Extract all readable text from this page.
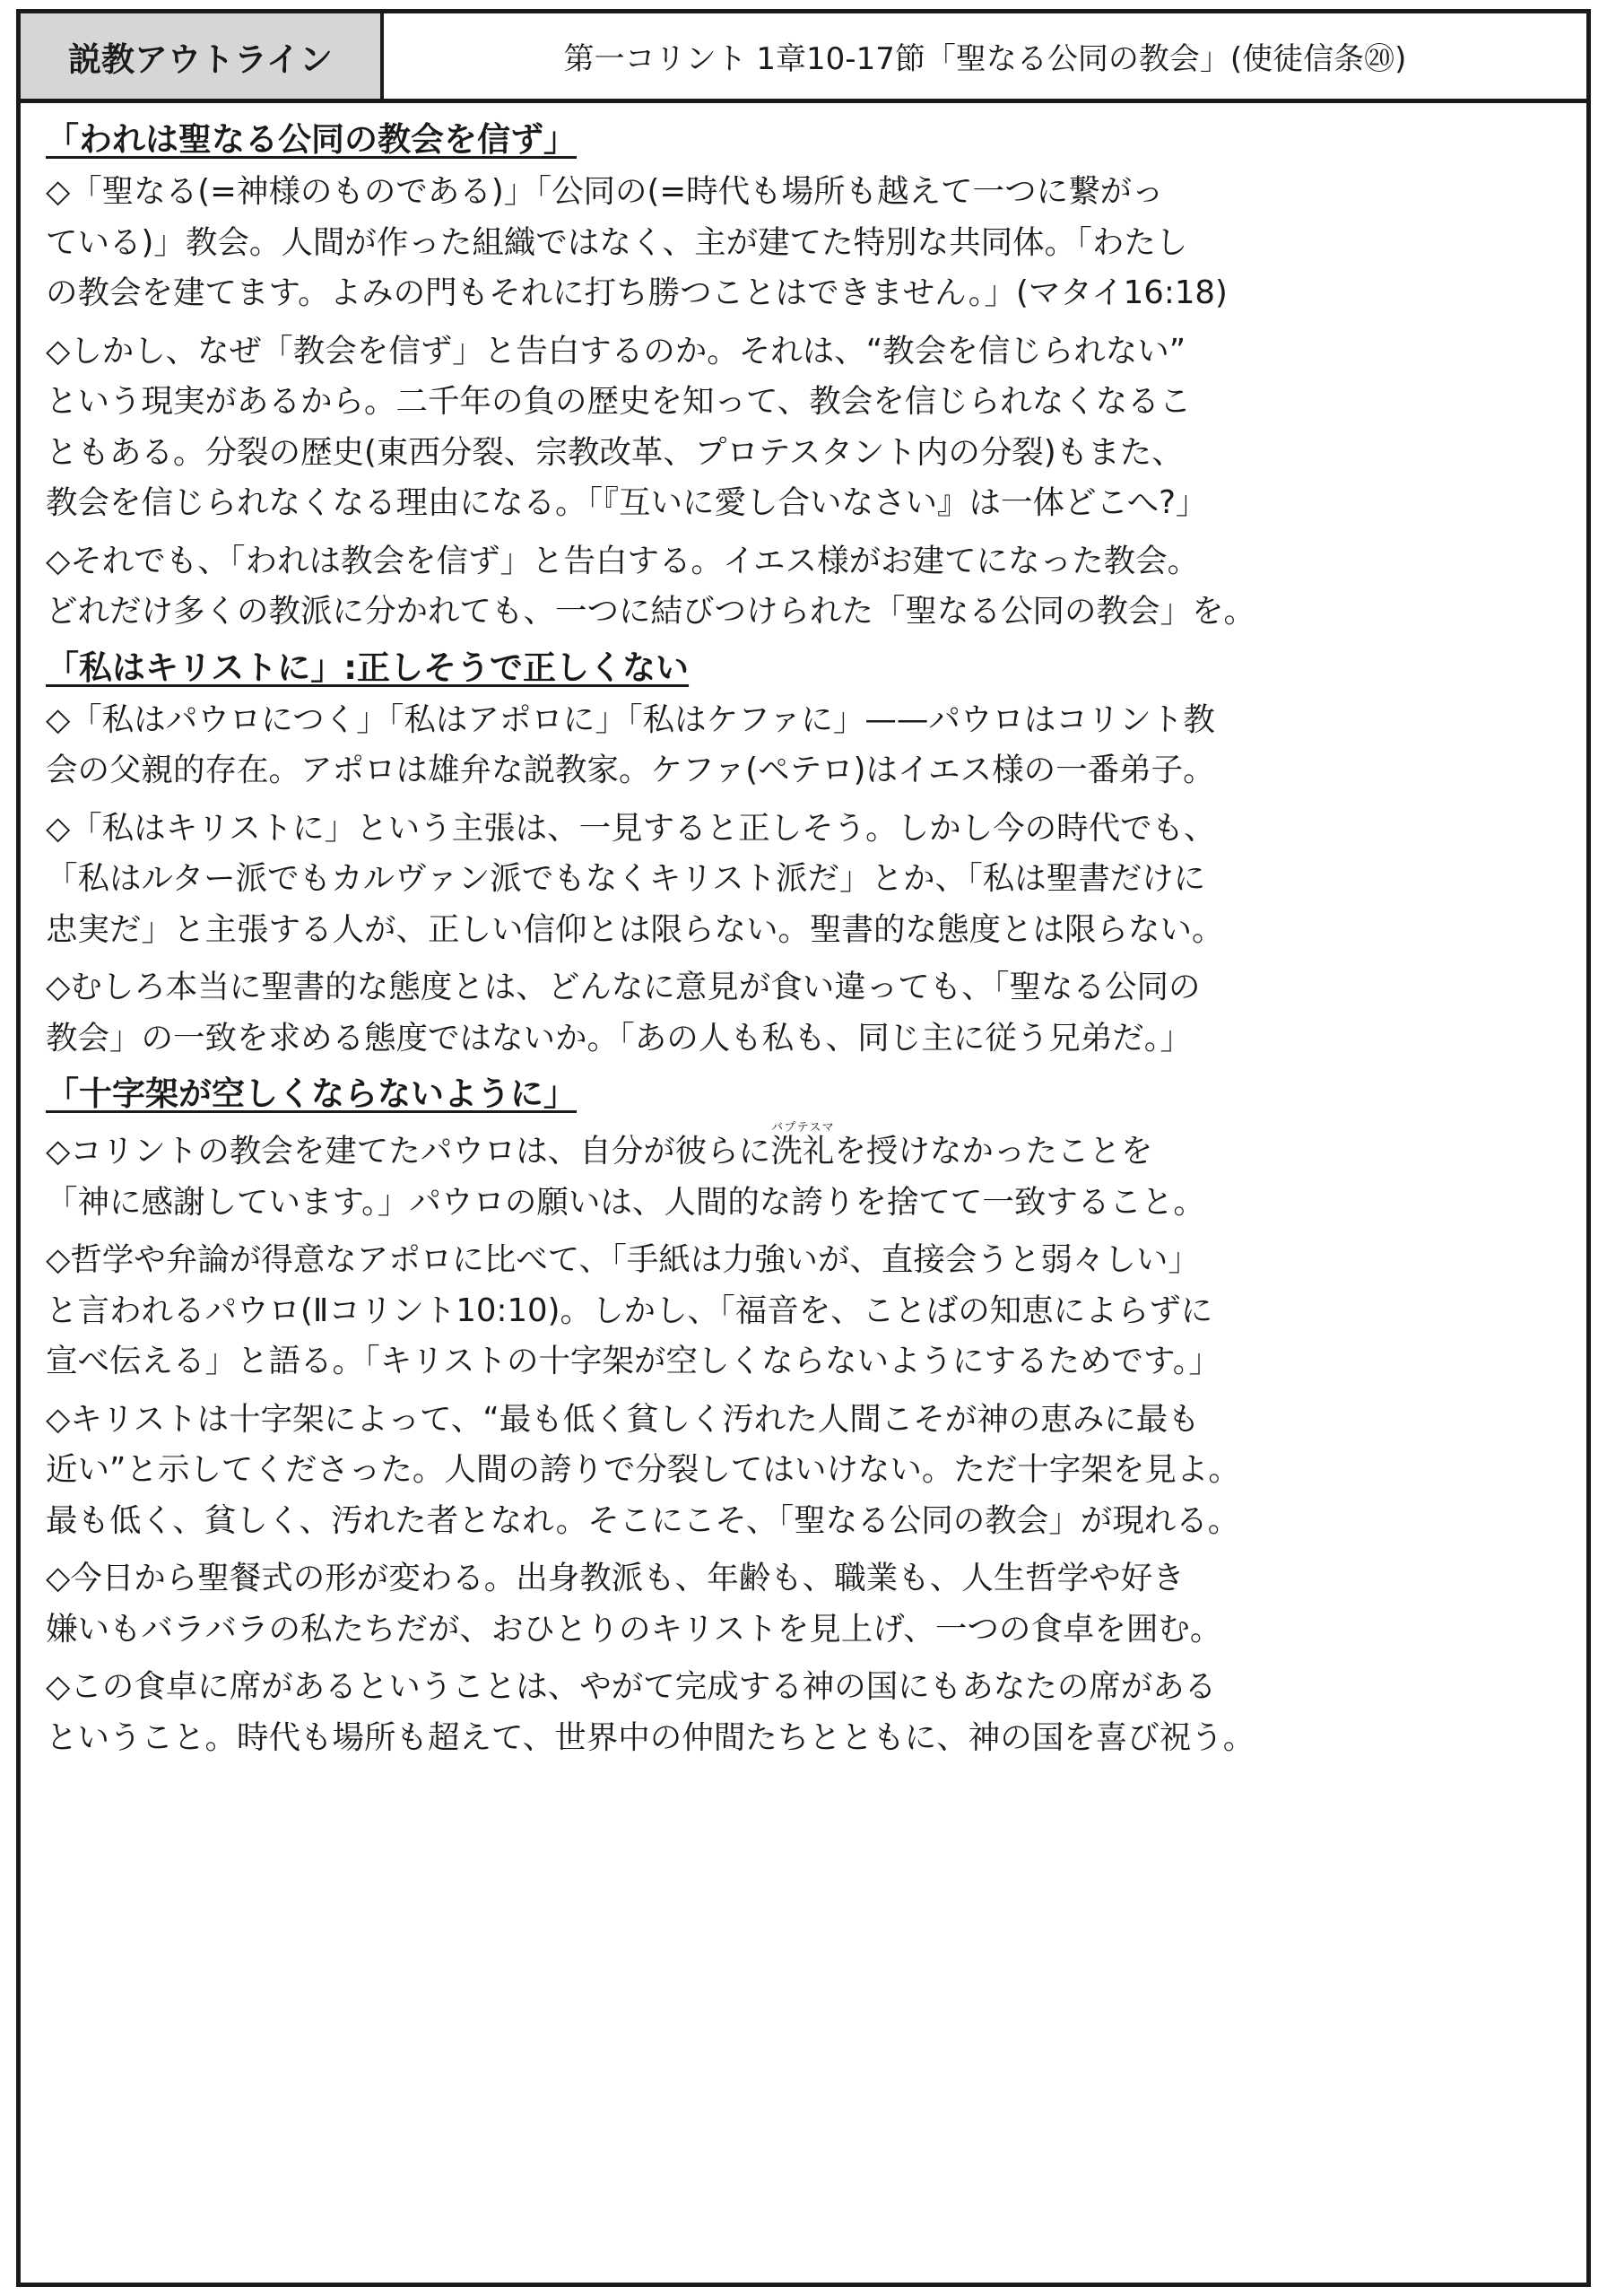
説教アウトライン	第一コリント 1章10-17節「聖なる公同の教会」(使徒信条⑳)
「われは聖なる公同の教会を信ず」
◇「聖なる(=神様のものである)」「公同の(=時代も場所も越えて一つに繋がっ
ている)」教会。人間が作った組織ではなく、主が建てた特別な共同体。「わたし
の教会を建てます。よみの門もそれに打ち勝つことはできません。」(マタイ16:18)
◇しかし、なぜ「教会を信ず」と告白するのか。それは、“教会を信じられない”
という現実があるから。二千年の負の歴史を知って、教会を信じられなくなるこ
ともある。分裂の歴史(東西分裂、宗教改革、プロテスタント内の分裂)もまた、
教会を信じられなくなる理由になる。「『互いに愛し合いなさい』は一体どこへ?」
◇それでも、「われは教会を信ず」と告白する。イエス様がお建てになった教会。
どれだけ多くの教派に分かれても、一つに結びつけられた「聖なる公同の教会」を。
「私はキリストに」:正しそうで正しくない
◇「私はパウロにつく」「私はアポロに」「私はケファに」——パウロはコリント教
会の父親的存在。アポロは雄弁な説教家。ケファ(ペテロ)はイエス様の一番弟子。
◇「私はキリストに」という主張は、一見すると正しそう。しかし今の時代でも、
「私はルター派でもカルヴァン派でもなくキリスト派だ」とか、「私は聖書だけに
忠実だ」と主張する人が、正しい信仰とは限らない。聖書的な態度とは限らない。
◇むしろ本当に聖書的な態度とは、どんなに意見が食い違っても、「聖なる公同の
教会」の一致を求める態度ではないか。「あの人も私も、同じ主に従う兄弟だ。」
「十字架が空しくならないように」
◇コリントの教会を建てたパウロは、自分が彼らに洗礼バプテスマを授けなかったことを
「神に感謝しています。」パウロの願いは、人間的な誇りを捨てて一致すること。
◇哲学や弁論が得意なアポロに比べて、「手紙は力強いが、直接会うと弱々しい」
と言われるパウロ(Ⅱコリント10:10)。しかし、「福音を、ことばの知恵によらずに
宣べ伝える」と語る。「キリストの十字架が空しくならないようにするためです。」
◇キリストは十字架によって、“最も低く貧しく汚れた人間こそが神の恵みに最も
近い”と示してくださった。人間の誇りで分裂してはいけない。ただ十字架を見よ。
最も低く、貧しく、汚れた者となれ。そこにこそ、「聖なる公同の教会」が現れる。
◇今日から聖餐式の形が変わる。出身教派も、年齢も、職業も、人生哲学や好き
嫌いもバラバラの私たちだが、おひとりのキリストを見上げ、一つの食卓を囲む。
◇この食卓に席があるということは、やがて完成する神の国にもあなたの席がある
ということ。時代も場所も超えて、世界中の仲間たちとともに、神の国を喜び祝う。
